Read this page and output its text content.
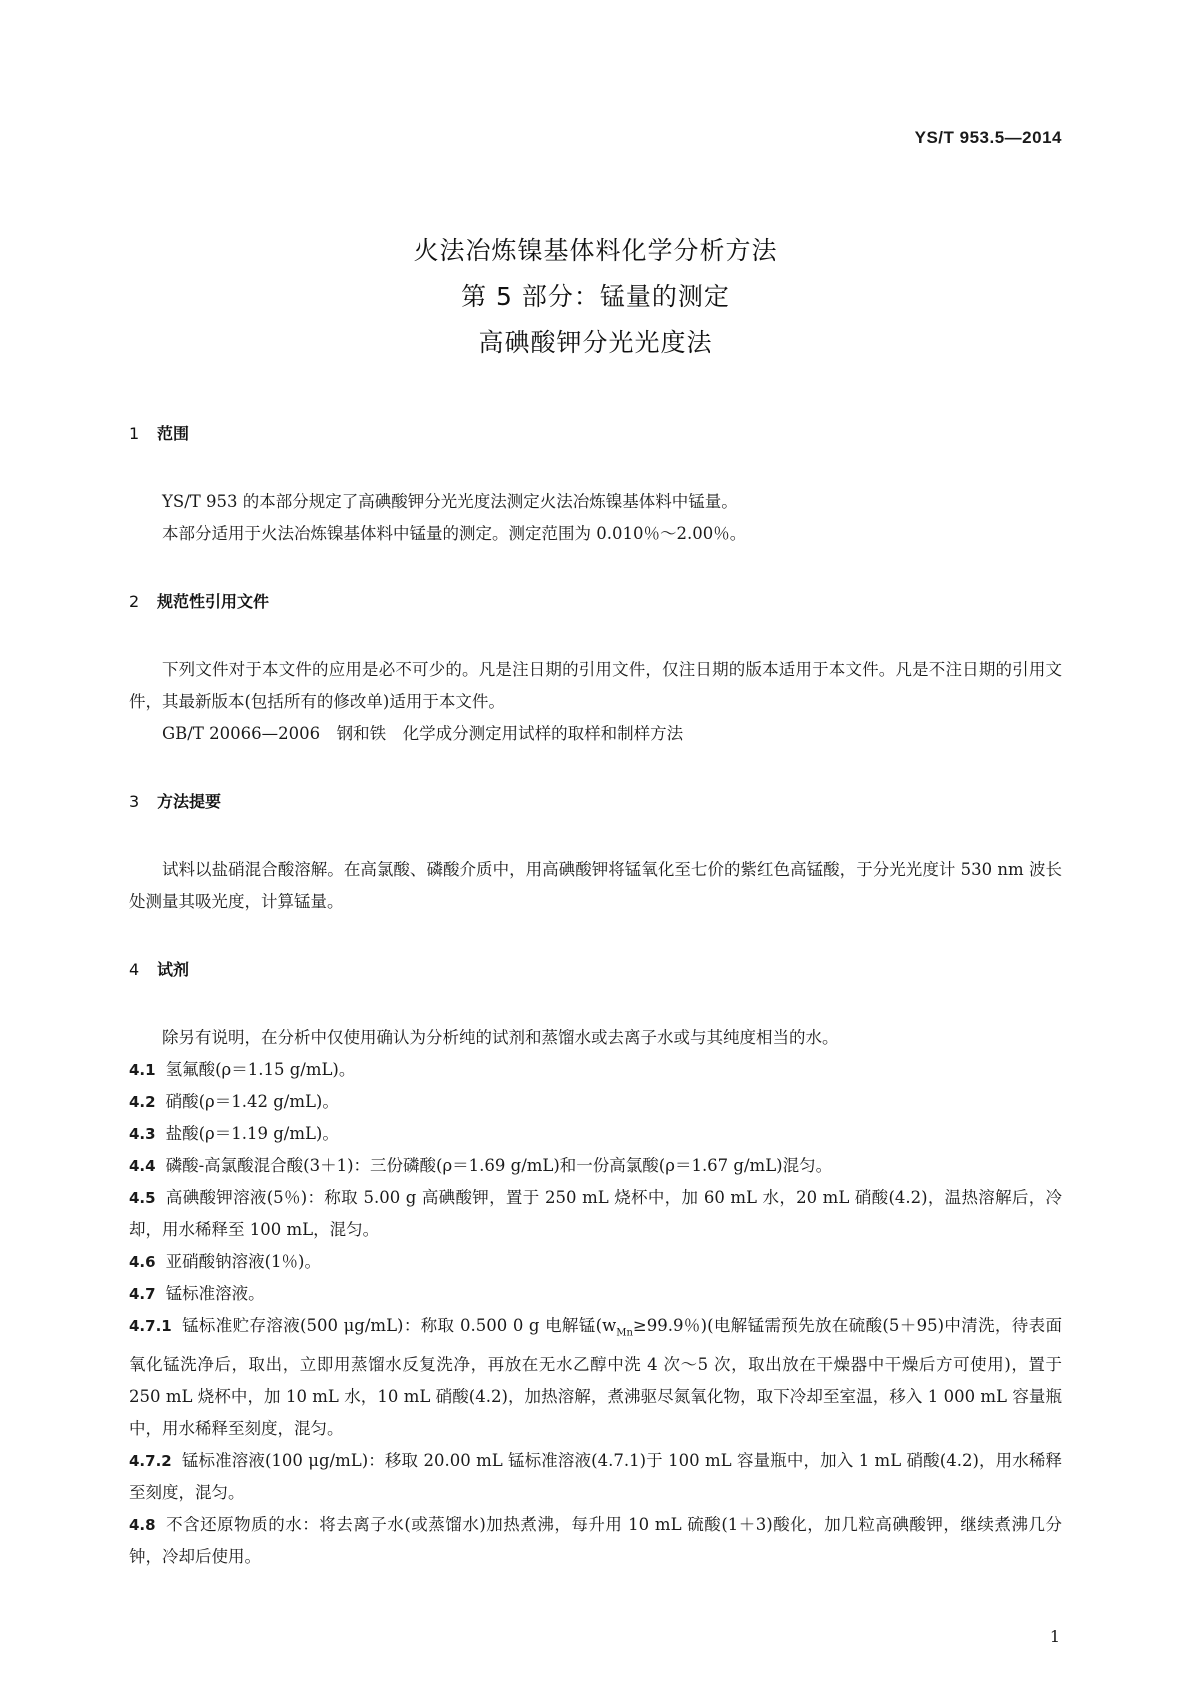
YS/T 953.5—2014
火法冶炼镍基体料化学分析方法
第 5 部分：锰量的测定
高碘酸钾分光光度法
1 范围

YS/T 953 的本部分规定了高碘酸钾分光光度法测定火法冶炼镍基体料中锰量。

本部分适用于火法冶炼镍基体料中锰量的测定。测定范围为 0.010％～2.00％。

2 规范性引用文件

下列文件对于本文件的应用是必不可少的。凡是注日期的引用文件，仅注日期的版本适用于本文件。凡是不注日期的引用文件，其最新版本(包括所有的修改单)适用于本文件。

GB/T 20066—2006　 钢和铁　化学成分测定用试样的取样和制样方法

3 方法提要

试料以盐硝混合酸溶解。在高氯酸、磷酸介质中，用高碘酸钾将锰氧化至七价的紫红色高锰酸，于分光光度计 530 nm 波长处测量其吸光度，计算锰量。

4 试剂

除另有说明，在分析中仅使用确认为分析纯的试剂和蒸馏水或去离子水或与其纯度相当的水。

4.1 氢氟酸(ρ＝1.15 g/mL)。

4.2 硝酸(ρ＝1.42 g/mL)。

4.3 盐酸(ρ＝1.19 g/mL)。

4.4 磷酸-高氯酸混合酸(3＋1)：三份磷酸(ρ＝1.69 g/mL)和一份高氯酸(ρ＝1.67 g/mL)混匀。

4.5 高碘酸钾溶液(5％)：称取 5.00 g 高碘酸钾，置于 250 mL 烧杯中，加 60 mL 水，20 mL 硝酸(4.2)，温热溶解后，冷却，用水稀释至 100 mL，混匀。

4.6 亚硝酸钠溶液(1％)。

4.7 锰标准溶液。

4.7.1 锰标准贮存溶液(500 μg/mL)：称取 0.500 0 g 电解锰($w_{Mn}\ge 99.9$％)(电解锰需预先放在硫酸(5＋95)中清洗，待表面氧化锰洗净后，取出，立即用蒸馏水反复洗净，再放在无水乙醇中洗 4 次～5 次，取出放在干燥器中干燥后方可使用)，置于 250 mL 烧杯中，加 10 mL 水，10 mL 硝酸(4.2)，加热溶解，煮沸驱尽氮氧化物，取下冷却至室温，移入 1 000 mL 容量瓶中，用水稀释至刻度，混匀。

4.7.2 锰标准溶液(100 μg/mL)：移取 20.00 mL 锰标准溶液(4.7.1)于 100 mL 容量瓶中，加入 1 mL 硝酸(4.2)，用水稀释至刻度，混匀。

4.8 不含还原物质的水：将去离子水(或蒸馏水)加热煮沸，每升用 10 mL 硫酸(1＋3)酸化，加几粒高碘酸钾，继续煮沸几分钟，冷却后使用。

1
